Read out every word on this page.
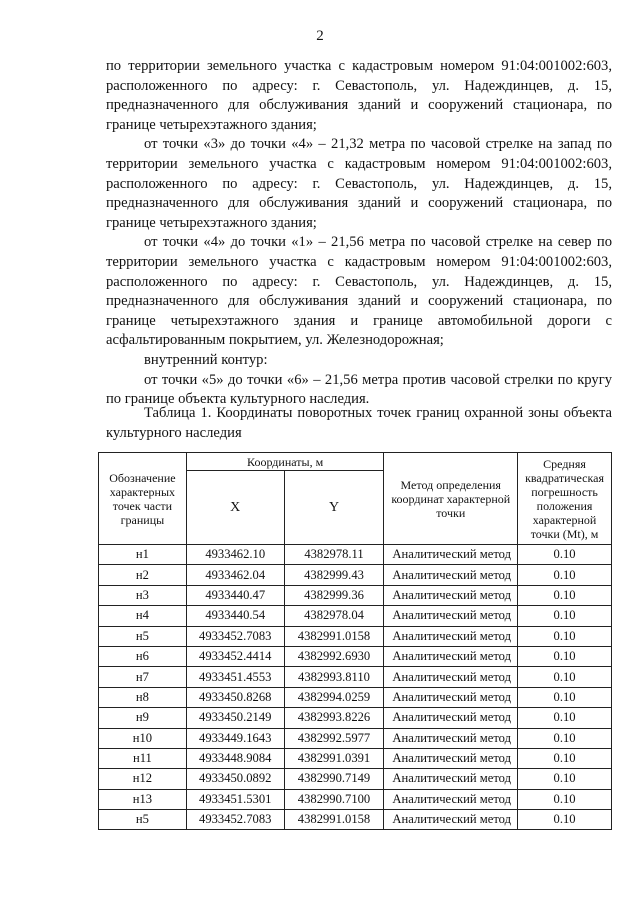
2

по территории земельного участка с кадастровым номером 91:04:001002:603, расположенного по адресу: г. Севастополь, ул. Надеждинцев, д. 15, предназначенного для обслуживания зданий и сооружений стационара, по границе четырехэтажного здания;

от точки «3» до точки «4» – 21,32 метра по часовой стрелке на запад по территории земельного участка с кадастровым номером 91:04:001002:603, расположенного по адресу: г. Севастополь, ул. Надеждинцев, д. 15, предназначенного для обслуживания зданий и сооружений стационара, по границе четырехэтажного здания;

от точки «4» до точки «1» – 21,56 метра по часовой стрелке на север по территории земельного участка с кадастровым номером 91:04:001002:603, расположенного по адресу: г. Севастополь, ул. Надеждинцев, д. 15, предназначенного для обслуживания зданий и сооружений стационара, по границе четырехэтажного здания и границе автомобильной дороги с асфальтированным покрытием, ул. Железнодорожная;

внутренний контур:

от точки «5» до точки «6» – 21,56 метра против часовой стрелки по кругу по границе объекта культурного наследия.

Таблица 1. Координаты поворотных точек границ охранной зоны объекта культурного наследия
Обозначение характерных точек части границы	Координаты, м		Метод определения координат характерной точки	Средняя квадратическая погрешность положения характерной точки (Mt), м
	X	Y		
н1	4933462.10	4382978.11	Аналитический метод	0.10
н2	4933462.04	4382999.43	Аналитический метод	0.10
н3	4933440.47	4382999.36	Аналитический метод	0.10
н4	4933440.54	4382978.04	Аналитический метод	0.10
н5	4933452.7083	4382991.0158	Аналитический метод	0.10
н6	4933452.4414	4382992.6930	Аналитический метод	0.10
н7	4933451.4553	4382993.8110	Аналитический метод	0.10
н8	4933450.8268	4382994.0259	Аналитический метод	0.10
н9	4933450.2149	4382993.8226	Аналитический метод	0.10
н10	4933449.1643	4382992.5977	Аналитический метод	0.10
н11	4933448.9084	4382991.0391	Аналитический метод	0.10
н12	4933450.0892	4382990.7149	Аналитический метод	0.10
н13	4933451.5301	4382990.7100	Аналитический метод	0.10
н5	4933452.7083	4382991.0158	Аналитический метод	0.10
